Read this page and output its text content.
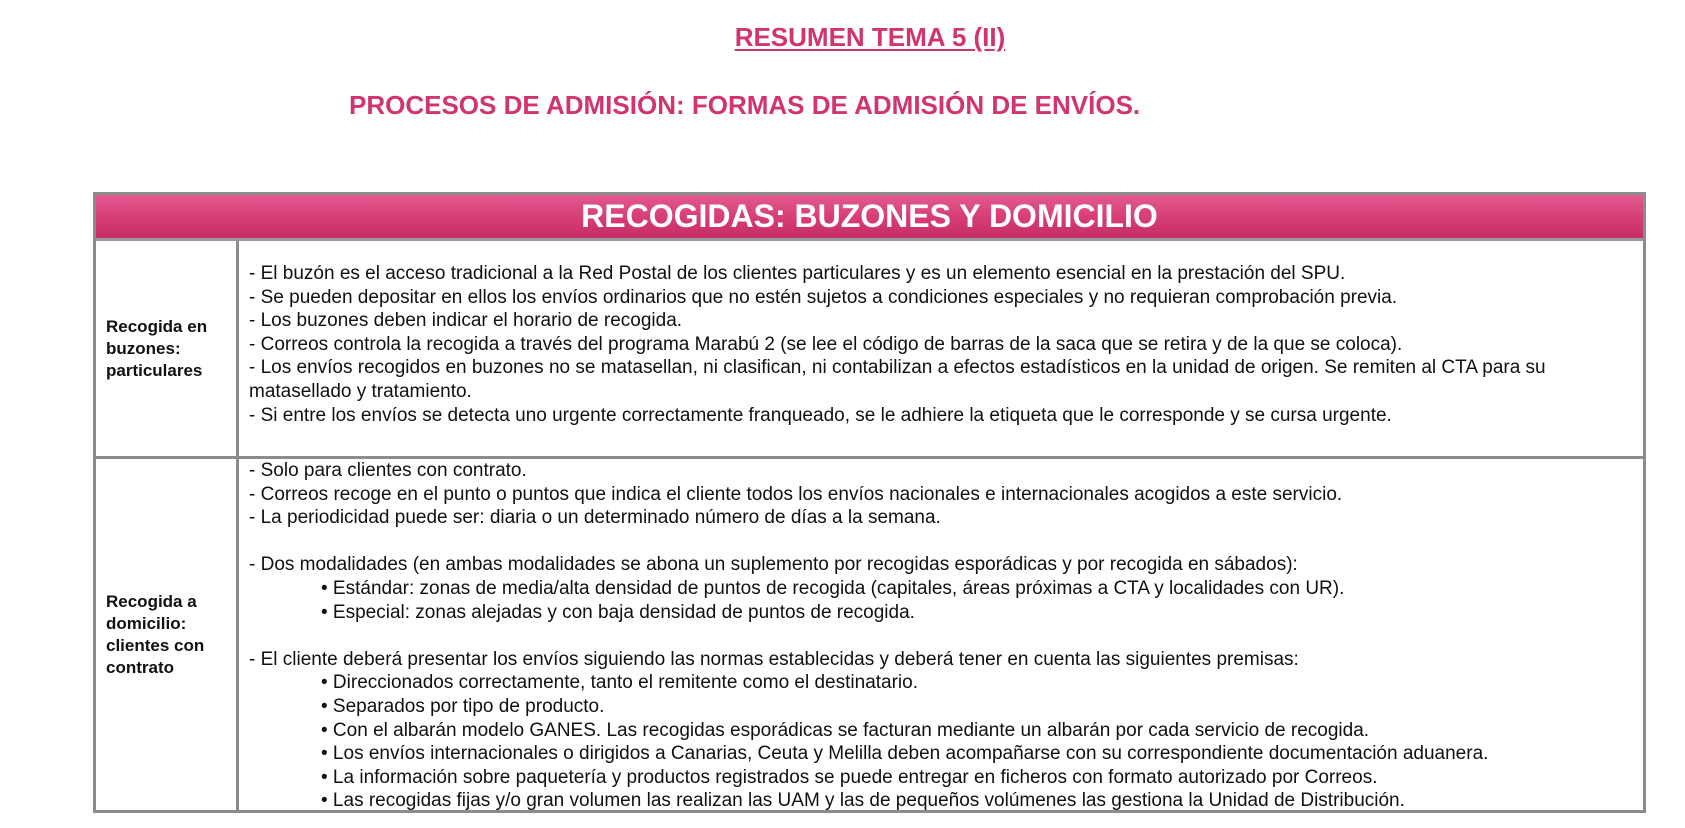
RESUMEN TEMA 5 (II)
PROCESOS DE ADMISIÓN: FORMAS DE ADMISIÓN DE ENVÍOS.
RECOGIDAS: BUZONES Y DOMICILIO
Recogida en
buzones:
particulares
- El buzón es el acceso tradicional a la Red Postal de los clientes particulares y es un elemento esencial en la prestación del SPU.
- Se pueden depositar en ellos los envíos ordinarios que no estén sujetos a condiciones especiales y no requieran comprobación previa.
- Los buzones deben indicar el horario de recogida.
- Correos controla la recogida a través del programa Marabú 2 (se lee el código de barras de la saca que se retira y de la que se coloca).
- Los envíos recogidos en buzones no se matasellan, ni clasifican, ni contabilizan a efectos estadísticos en la unidad de origen. Se remiten al CTA para su matasellado y tratamiento.
- Si entre los envíos se detecta uno urgente correctamente franqueado, se le adhiere la etiqueta que le corresponde y se cursa urgente.
Recogida a
domicilio:
clientes con
contrato
- Solo para clientes con contrato.
- Correos recoge en el punto o puntos que indica el cliente todos los envíos nacionales e internacionales acogidos a este servicio.
- La periodicidad puede ser: diaria o un determinado número de días a la semana.
- Dos modalidades (en ambas modalidades se abona un suplemento por recogidas esporádicas y por recogida en sábados):
• Estándar: zonas de media/alta densidad de puntos de recogida (capitales, áreas próximas a CTA y localidades con UR).
• Especial: zonas alejadas y con baja densidad de puntos de recogida.
- El cliente deberá presentar los envíos siguiendo las normas establecidas y deberá tener en cuenta las siguientes premisas:
• Direccionados correctamente, tanto el remitente como el destinatario.
• Separados por tipo de producto.
• Con el albarán modelo GANES. Las recogidas esporádicas se facturan mediante un albarán por cada servicio de recogida.
• Los envíos internacionales o dirigidos a Canarias, Ceuta y Melilla deben acompañarse con su correspondiente documentación aduanera.
• La información sobre paquetería y productos registrados se puede entregar en ficheros con formato autorizado por Correos.
• Las recogidas fijas y/o gran volumen las realizan las UAM y las de pequeños volúmenes las gestiona la Unidad de Distribución.
